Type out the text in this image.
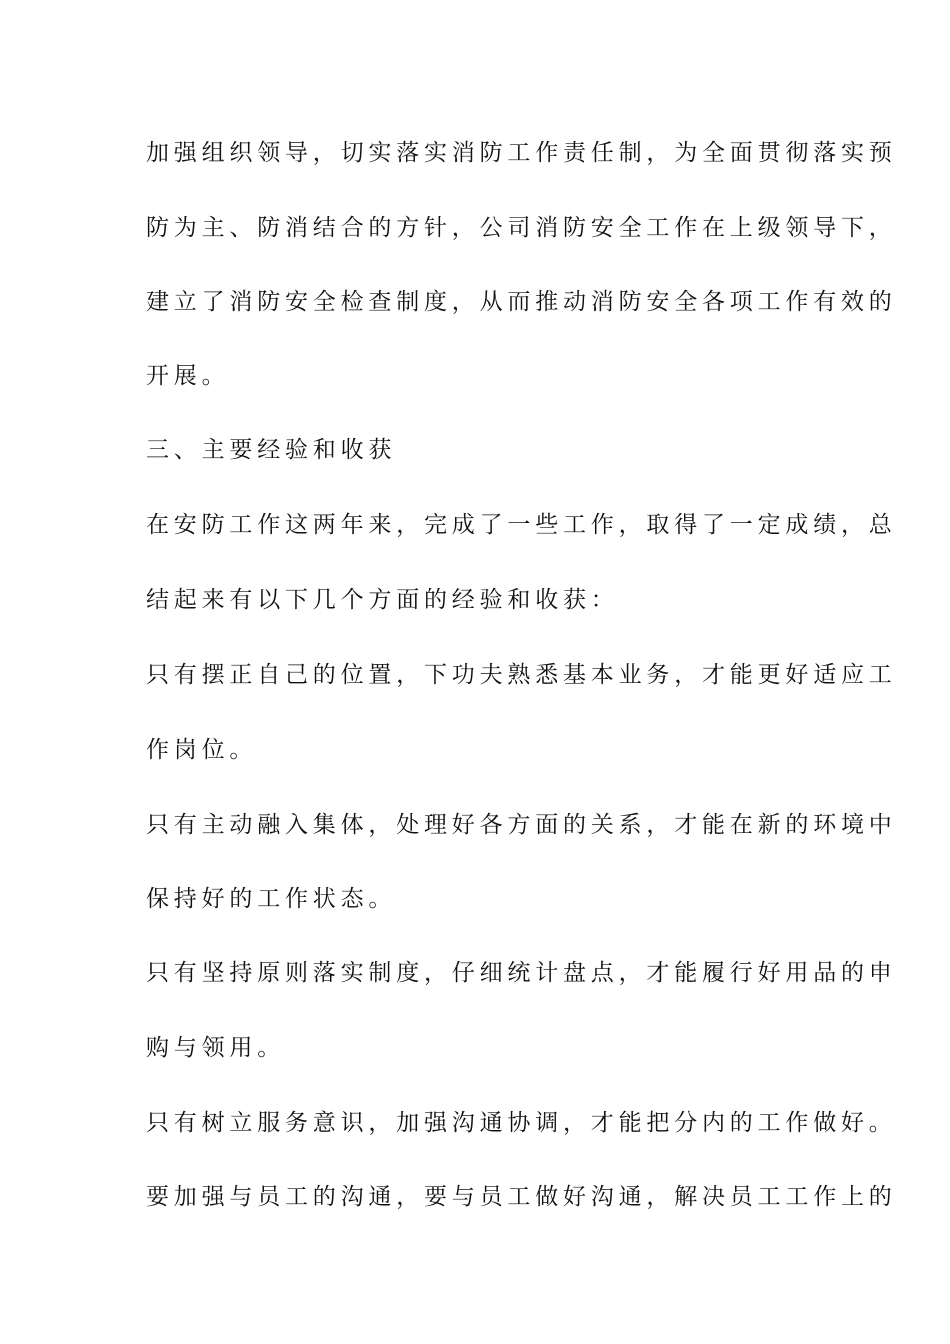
加强组织领导，切实落实消防工作责任制，为全面贯彻落实预
防为主、防消结合的方针，公司消防安全工作在上级领导下，
建立了消防安全检查制度，从而推动消防安全各项工作有效的
开展。
三、主要经验和收获
在安防工作这两年来，完成了一些工作，取得了一定成绩，总
结起来有以下几个方面的经验和收获：
只有摆正自己的位置，下功夫熟悉基本业务，才能更好适应工
作岗位。
只有主动融入集体，处理好各方面的关系，才能在新的环境中
保持好的工作状态。
只有坚持原则落实制度，仔细统计盘点，才能履行好用品的申
购与领用。
只有树立服务意识，加强沟通协调，才能把分内的工作做好。
要加强与员工的沟通，要与员工做好沟通，解决员工工作上的
